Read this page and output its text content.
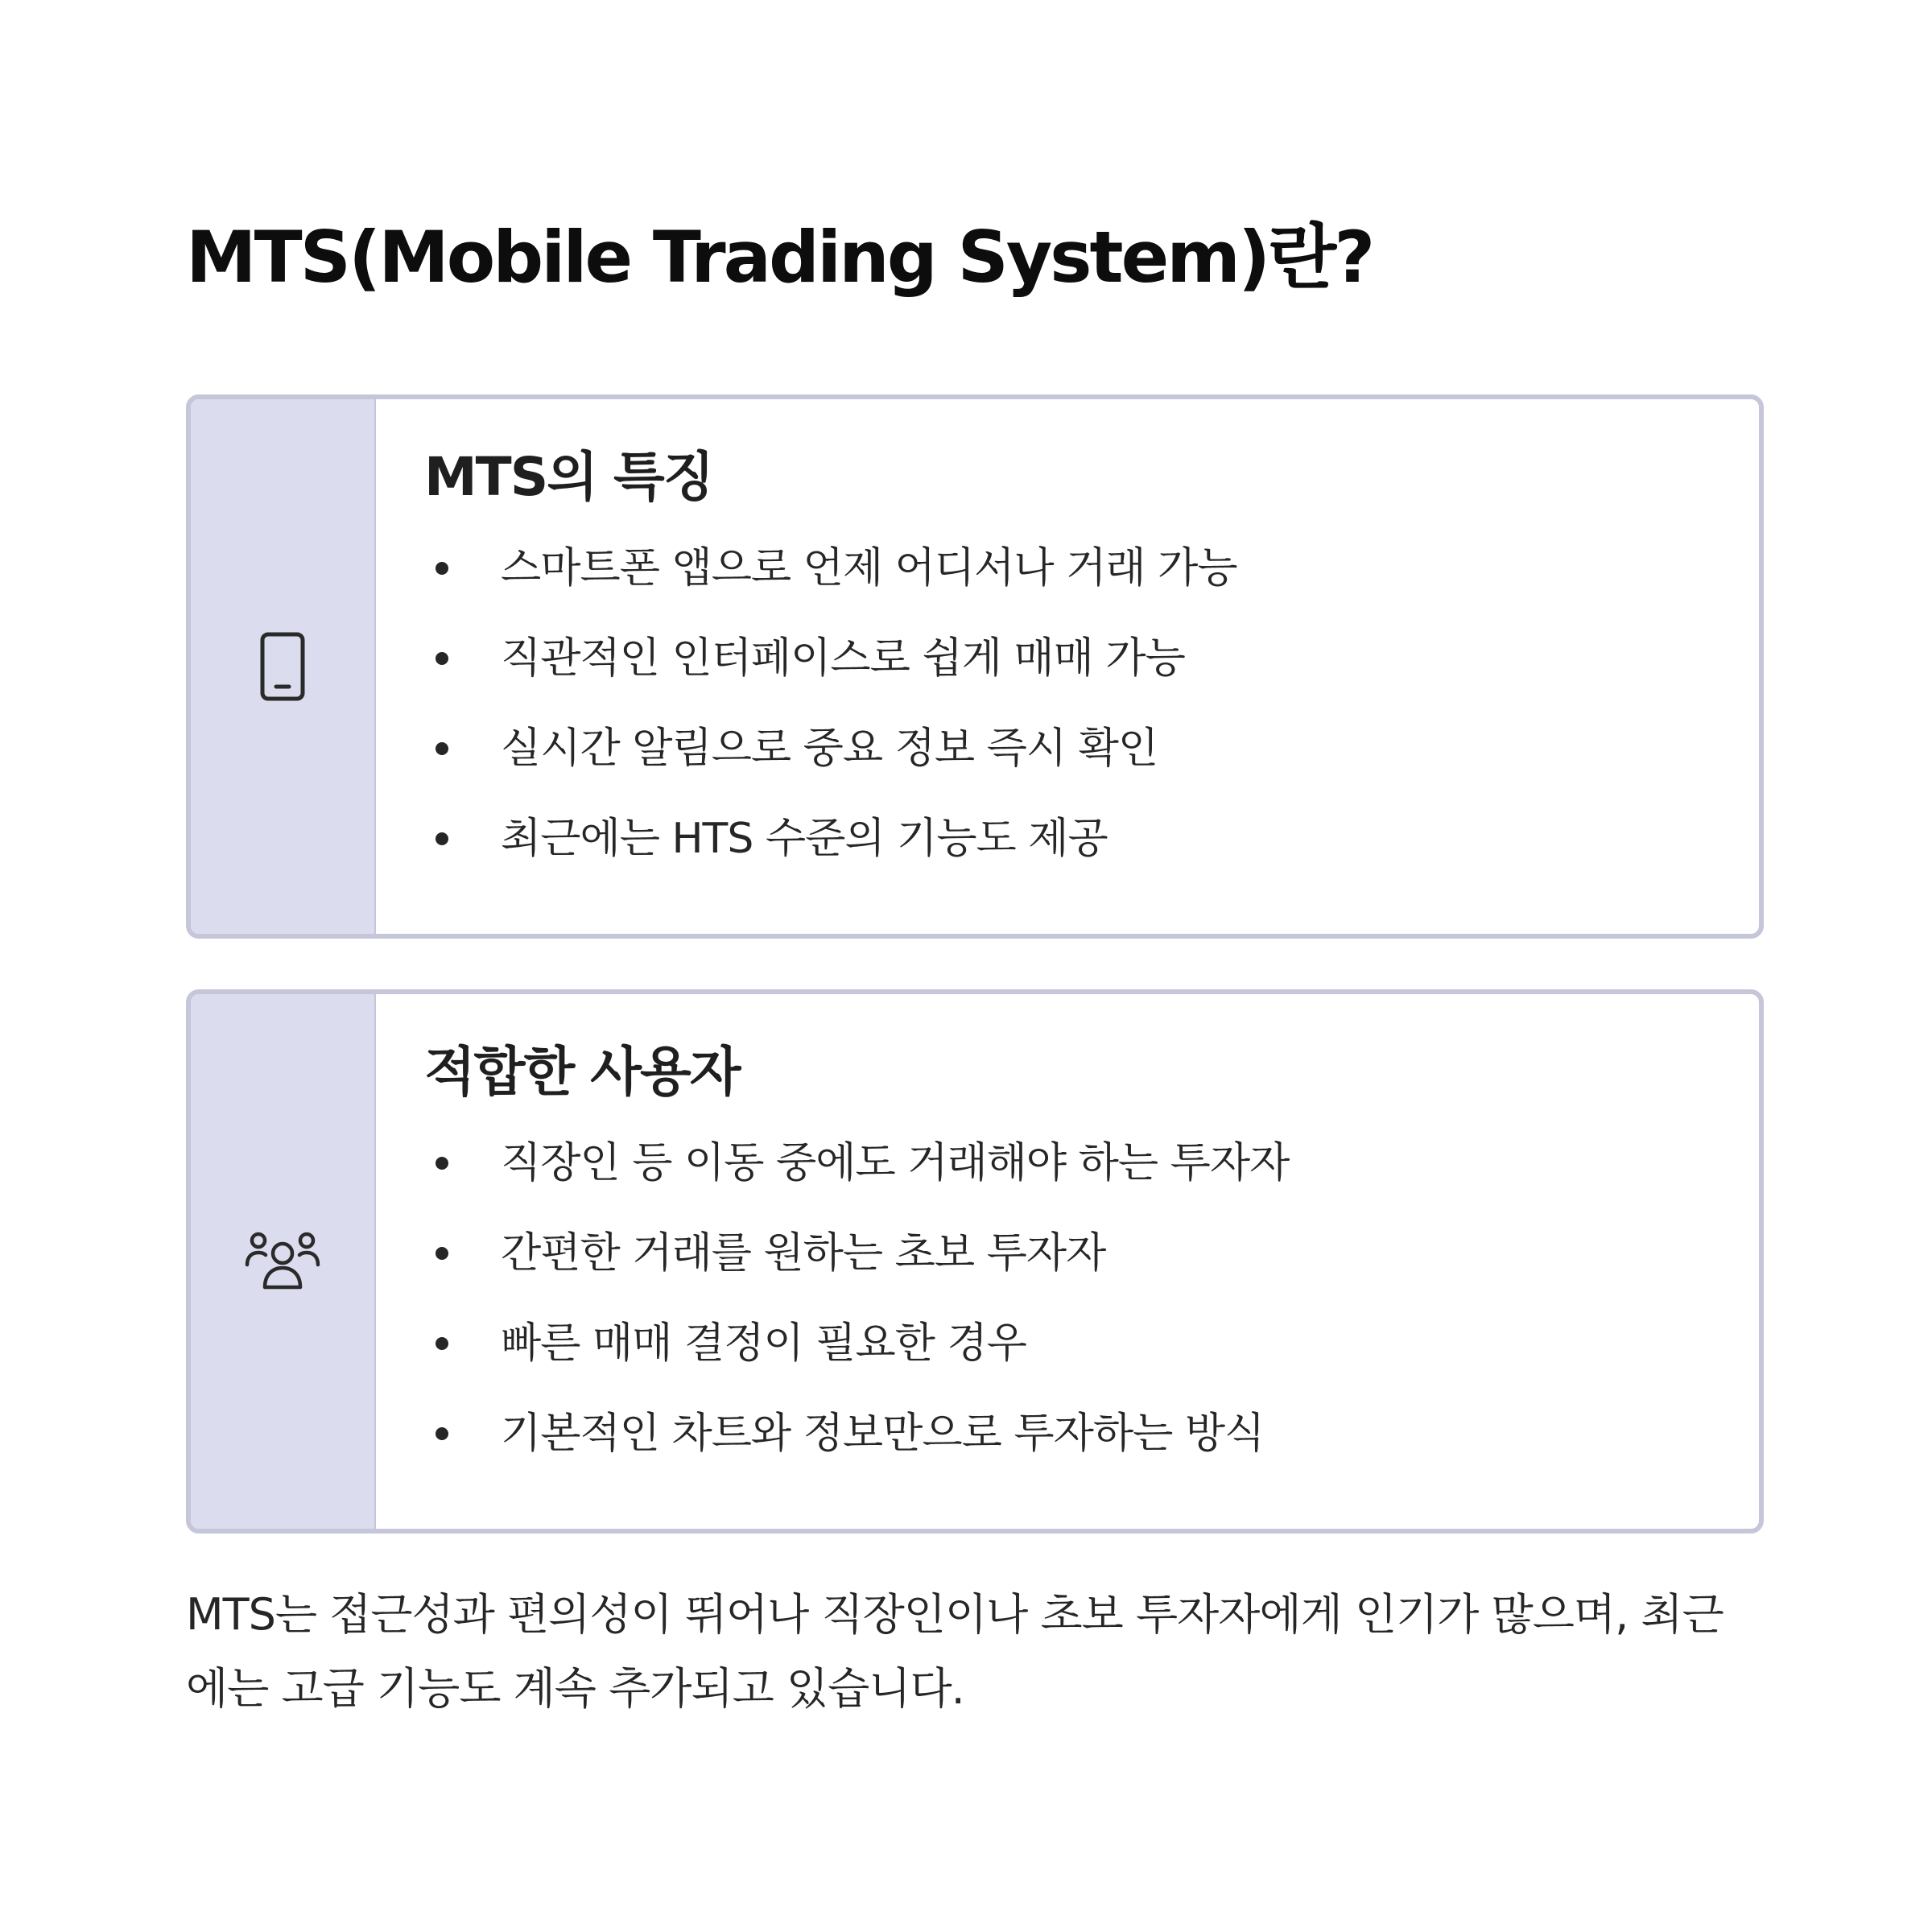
MTS(Mobile Trading System)란?
MTS의 특징
스마트폰 앱으로 언제 어디서나 거래 가능
직관적인 인터페이스로 쉽게 매매 가능
실시간 알림으로 중요 정보 즉시 확인
최근에는 HTS 수준의 기능도 제공
적합한 사용자
직장인 등 이동 중에도 거래해야 하는 투자자
간편한 거래를 원하는 초보 투자자
빠른 매매 결정이 필요한 경우
기본적인 차트와 정보만으로 투자하는 방식

MTS는 접근성과 편의성이 뛰어나 직장인이나 초보 투자자에게 인기가 많으며, 최근에는 고급 기능도 계속 추가되고 있습니다.
